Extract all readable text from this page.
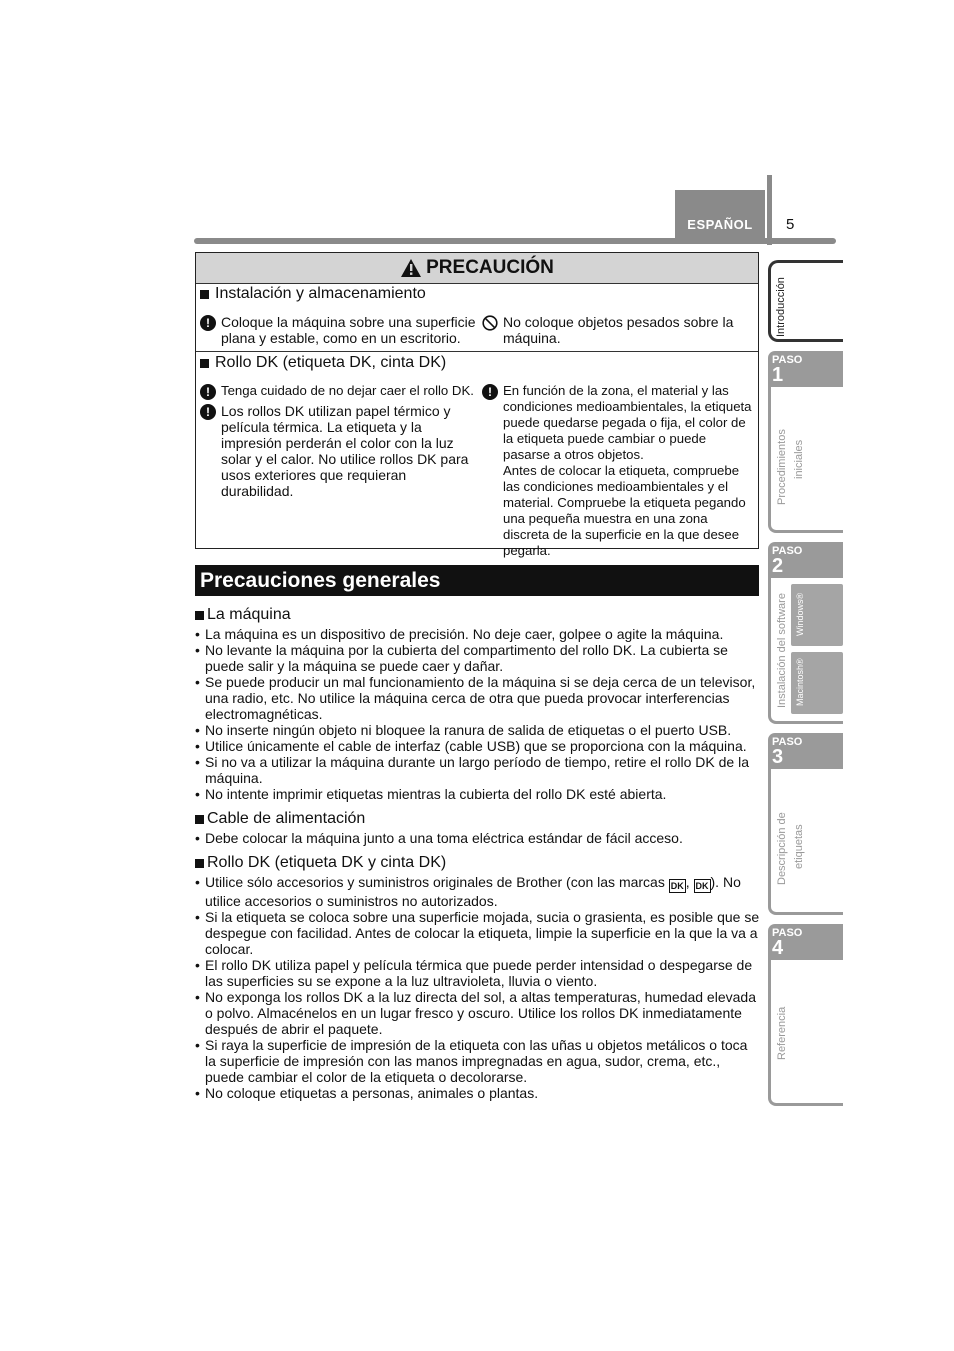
ESPAÑOL 5
PRECAUCIÓN
Instalación y almacenamiento
! Coloque la máquina sobre una superficie plana y estable, como en un escritorio.
No coloque objetos pesados sobre la máquina.
Rollo DK (etiqueta DK, cinta DK)
! Tenga cuidado de no dejar caer el rollo DK.
! Los rollos DK utilizan papel térmico y película térmica. La etiqueta y la impresión perderán el color con la luz solar y el calor. No utilice rollos DK para usos exteriores que requieran durabilidad.
! En función de la zona, el material y las condiciones medioambientales, la etiqueta puede quedarse pegada o fija, el color de la etiqueta puede cambiar o puede pasarse a otros objetos.
Antes de colocar la etiqueta, compruebe las condiciones medioambientales y el material. Compruebe la etiqueta pegando una pequeña muestra en una zona discreta de la superficie en la que desee pegarla.
Precauciones generales
La máquina
• La máquina es un dispositivo de precisión. No deje caer, golpee o agite la máquina.
• No levante la máquina por la cubierta del compartimento del rollo DK. La cubierta se puede salir y la máquina se puede caer y dañar.
• Se puede producir un mal funcionamiento de la máquina si se deja cerca de un televisor, una radio, etc. No utilice la máquina cerca de otra que pueda provocar interferencias electromagnéticas.
• No inserte ningún objeto ni bloquee la ranura de salida de etiquetas o el puerto USB.
• Utilice únicamente el cable de interfaz (cable USB) que se proporciona con la máquina.
• Si no va a utilizar la máquina durante un largo período de tiempo, retire el rollo DK de la máquina.
• No intente imprimir etiquetas mientras la cubierta del rollo DK esté abierta.
Cable de alimentación
• Debe colocar la máquina junto a una toma eléctrica estándar de fácil acceso.
Rollo DK (etiqueta DK y cinta DK)
• Utilice sólo accesorios y suministros originales de Brother (con las marcas DK , DK ). No utilice accesorios o suministros no autorizados.
• Si la etiqueta se coloca sobre una superficie mojada, sucia o grasienta, es posible que se despegue con facilidad. Antes de colocar la etiqueta, limpie la superficie en la que la va a colocar.
• El rollo DK utiliza papel y película térmica que puede perder intensidad o despegarse de las superficies su se expone a la luz ultravioleta, lluvia o viento.
• No exponga los rollos DK a la luz directa del sol, a altas temperaturas, humedad elevada o polvo. Almacénelos en un lugar fresco y oscuro. Utilice los rollos DK inmediatamente después de abrir el paquete.
• Si raya la superficie de impresión de la etiqueta con las uñas u objetos metálicos o toca la superficie de impresión con las manos impregnadas en agua, sudor, crema, etc., puede cambiar el color de la etiqueta o decolorarse.
• No coloque etiquetas a personas, animales o plantas.
Introducción
PASO
1
Procedimientos iniciales
PASO
2
Instalación del software Windows®
Macintosh®
PASO
3
Descripción de etiquetas
PASO
4
Referencia
